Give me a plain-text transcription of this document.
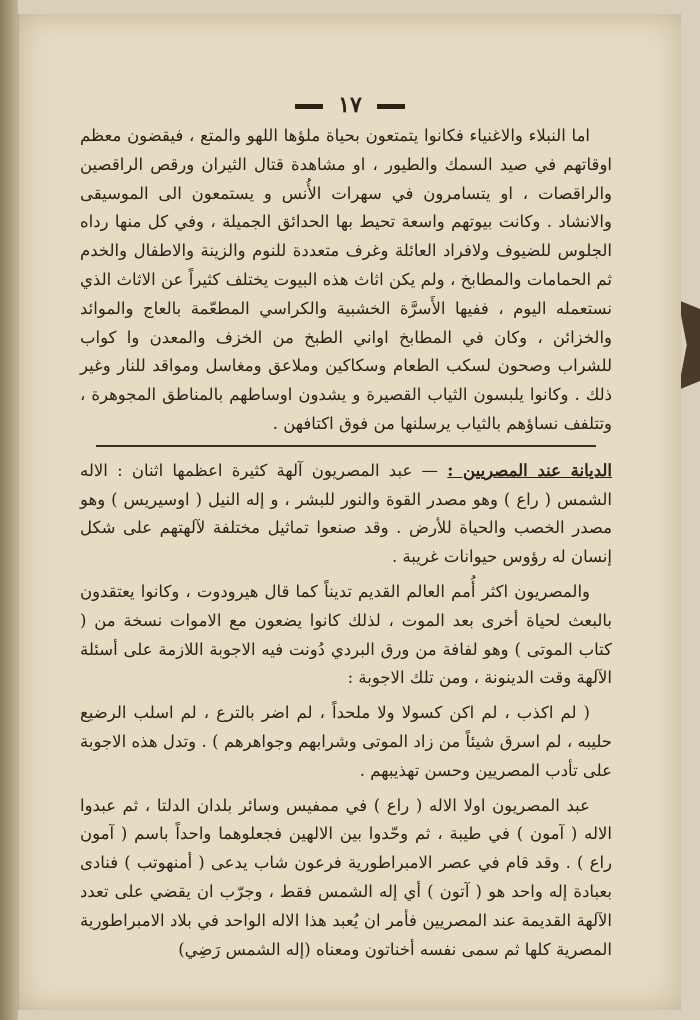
١٧

اما النبلاء والاغنياء فكانوا يتمتعون بحياة ملؤها اللهو والمتع ، فيقضون معظم اوقاتهم في صيد السمك والطيور ، او مشاهدة قتال الثيران ورقص الراقصين والراقصات ، او يتسامرون في سهرات الأُنس و يستمعون الى الموسيقى والانشاد . وكانت بيوتهم واسعة تحيط بها الحدائق الجميلة ، وفي كل منها رداه الجلوس للضيوف ولافراد العائلة وغرف متعددة للنوم والزينة والاطفال والخدم ثم الحمامات والمطابخ ، ولم يكن اثاث هذه البيوت يختلف كثيراً عن الاثاث الذي نستعمله اليوم ، ففيها الأَسرَّة الخشبية والكراسي المطعّمة بالعاج والموائد والخزائن ، وكان في المطابخ اواني الطبخ من الخزف والمعدن وا كواب للشراب وصحون لسكب الطعام وسكاكين وملاعق ومغاسل ومواقد للنار وغير ذلك . وكانوا يلبسون الثياب القصيرة و يشدون اوساطهم بالمناطق المجوهرة ، وتتلفف نساؤهم بالثياب يرسلنها من فوق اكتافهن .

الديانة عند المصريين : — عبد المصريون آلهة كثيرة اعظمها اثنان : الاله الشمس ( راع ) وهو مصدر القوة والنور للبشر ، و إله النيل ( اوسيريس ) وهو مصدر الخصب والحياة للأرض . وقد صنعوا تماثيل مختلفة لآلهتهم على شكل إنسان له رؤوس حيوانات غريبة .

والمصريون اكثر أُمم العالم القديم تديناً كما قال هيرودوت ، وكانوا يعتقدون بالبعث لحياة أخرى بعد الموت ، لذلك كانوا يضعون مع الاموات نسخة من ( كتاب الموتى ) وهو لفافة من ورق البردي دُونت فيه الاجوبة اللازمة على أسئلة الآلهة وقت الدينونة ، ومن تلك الاجوبة :

( لم اكذب ، لم اكن كسولا ولا ملحداً ، لم اضر بالترع ، لم اسلب الرضيع حليبه ، لم اسرق شيئاً من زاد الموتى وشرابهم وجواهرهم ) . وتدل هذه الاجوبة على تأدب المصريين وحسن تهذيبهم .

عبد المصريون اولا الاله ( راع ) في ممفيس وسائر بلدان الدلتا ، ثم عبدوا الاله ( آمون ) في طيبة ، ثم وحّدوا بين الالهين فجعلوهما واحداً باسم ( آمون راع ) . وقد قام في عصر الامبراطورية فرعون شاب يدعى ( أمنهوتب ) فنادى بعبادة إله واحد هو ( آتون ) أي إله الشمس فقط ، وجرّب ان يقضي على تعدد الآلهة القديمة عند المصريين فأمر ان يُعبد هذا الاله الواحد في بلاد الامبراطورية المصرية كلها ثم سمى نفسه أخناتون ومعناه (إله الشمس رَضِي)
